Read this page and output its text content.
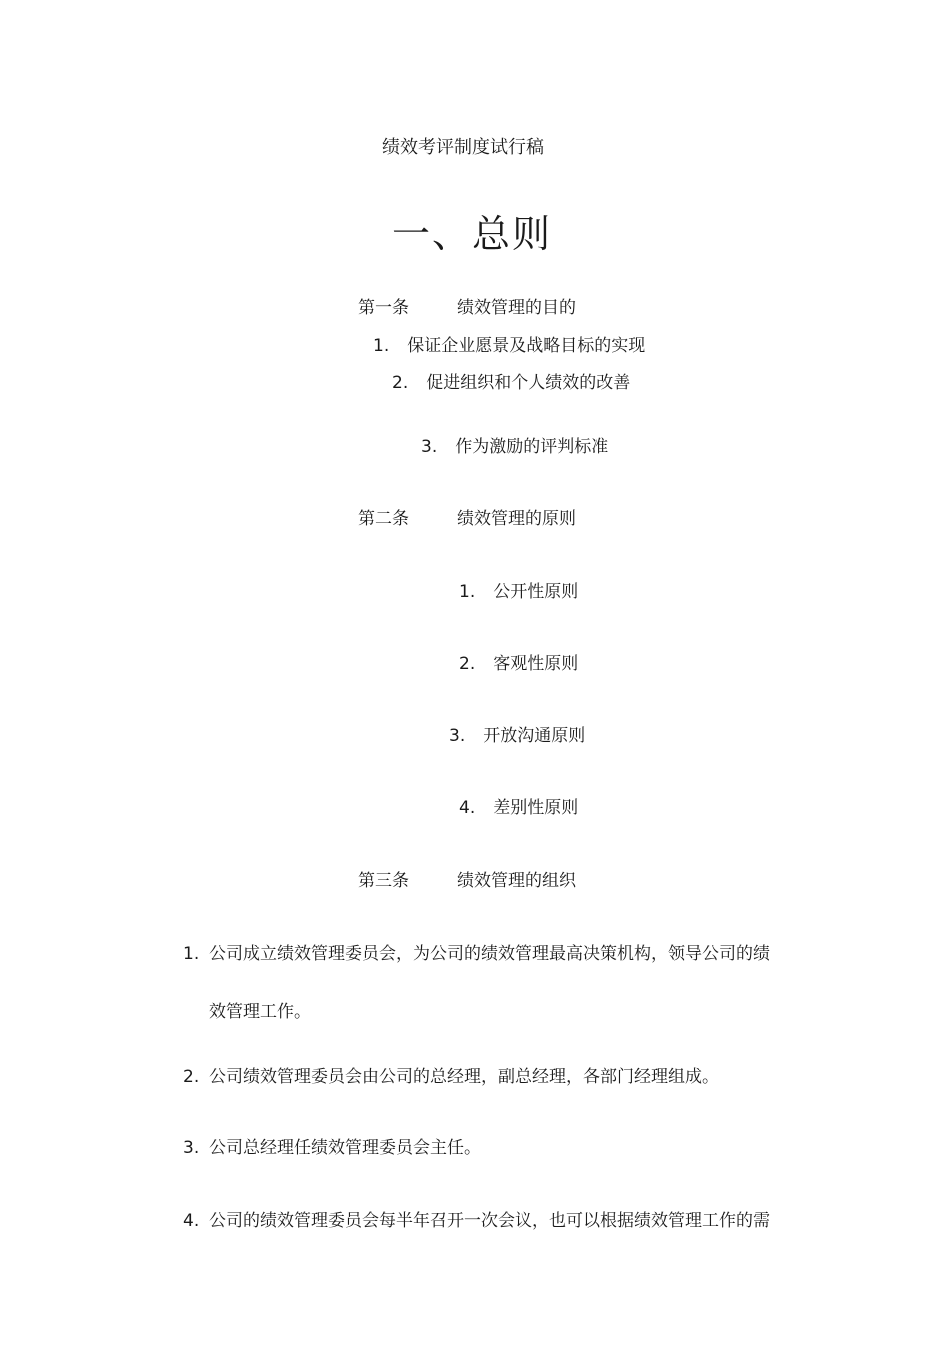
绩效考评制度试行稿
一、总则
第一条	绩效管理的目的
1. 保证企业愿景及战略目标的实现
2. 促进组织和个人绩效的改善
3. 作为激励的评判标准
第二条	绩效管理的原则
1. 公开性原则
2. 客观性原则
3. 开放沟通原则
4. 差别性原则
第三条	绩效管理的组织
1. 公司成立绩效管理委员会，为公司的绩效管理最高决策机构，领导公司的绩
效管理工作。
2. 公司绩效管理委员会由公司的总经理，副总经理，各部门经理组成。
3. 公司总经理任绩效管理委员会主任。
4. 公司的绩效管理委员会每半年召开一次会议，也可以根据绩效管理工作的需
